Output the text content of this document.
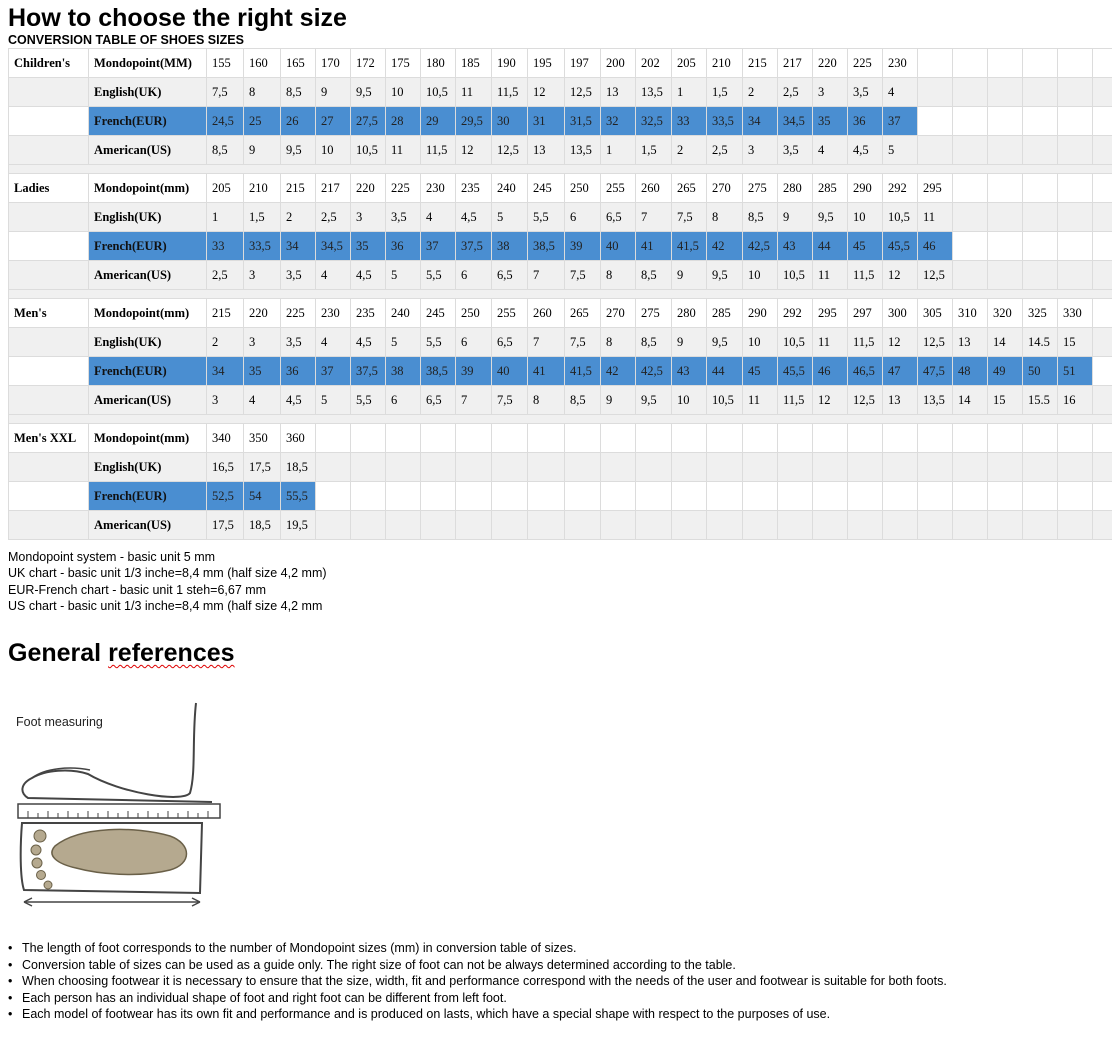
How to choose the right size
CONVERSION TABLE OF SHOES SIZES
Children's	Mondopoint(MM)	155	160	165	170	172	175	180	185	190	195	197	200	202	205	210	215	217	220	225	230						
	English(UK)	7,5	8	8,5	9	9,5	10	10,5	11	11,5	12	12,5	13	13,5	1	1,5	2	2,5	3	3,5	4						
	French(EUR)	24,5	25	26	27	27,5	28	29	29,5	30	31	31,5	32	32,5	33	33,5	34	34,5	35	36	37						
	American(US)	8,5	9	9,5	10	10,5	11	11,5	12	12,5	13	13,5	1	1,5	2	2,5	3	3,5	4	4,5	5						

Ladies	Mondopoint(mm)	205	210	215	217	220	225	230	235	240	245	250	255	260	265	270	275	280	285	290	292	295					
	English(UK)	1	1,5	2	2,5	3	3,5	4	4,5	5	5,5	6	6,5	7	7,5	8	8,5	9	9,5	10	10,5	11					
	French(EUR)	33	33,5	34	34,5	35	36	37	37,5	38	38,5	39	40	41	41,5	42	42,5	43	44	45	45,5	46					
	American(US)	2,5	3	3,5	4	4,5	5	5,5	6	6,5	7	7,5	8	8,5	9	9,5	10	10,5	11	11,5	12	12,5					

Men's	Mondopoint(mm)	215	220	225	230	235	240	245	250	255	260	265	270	275	280	285	290	292	295	297	300	305	310	320	325	330	
	English(UK)	2	3	3,5	4	4,5	5	5,5	6	6,5	7	7,5	8	8,5	9	9,5	10	10,5	11	11,5	12	12,5	13	14	14.5	15	
	French(EUR)	34	35	36	37	37,5	38	38,5	39	40	41	41,5	42	42,5	43	44	45	45,5	46	46,5	47	47,5	48	49	50	51	
	American(US)	3	4	4,5	5	5,5	6	6,5	7	7,5	8	8,5	9	9,5	10	10,5	11	11,5	12	12,5	13	13,5	14	15	15.5	16	

Men's XXL	Mondopoint(mm)	340	350	360																							
	English(UK)	16,5	17,5	18,5																							
	French(EUR)	52,5	54	55,5																							
	American(US)	17,5	18,5	19,5																							
Mondopoint system - basic unit 5 mm
UK chart - basic unit 1/3 inche=8,4 mm (half size 4,2 mm)
EUR-French chart - basic unit 1 steh=6,67 mm
US chart - basic unit 1/3 inche=8,4 mm (half size 4,2 mm
General references
Foot measuring
• The length of foot corresponds to the number of Mondopoint sizes (mm) in conversion table of sizes.
• Conversion table of sizes can be used as a guide only. The right size of foot can not be always determined according to the table.
• When choosing footwear it is necessary to ensure that the size, width, fit and performance correspond with the needs of the user and footwear is suitable for both foots.
• Each person has an individual shape of foot and right foot can be different from left foot.
• Each model of footwear has its own fit and performance and is produced on lasts, which have a special shape with respect to the purposes of use.
